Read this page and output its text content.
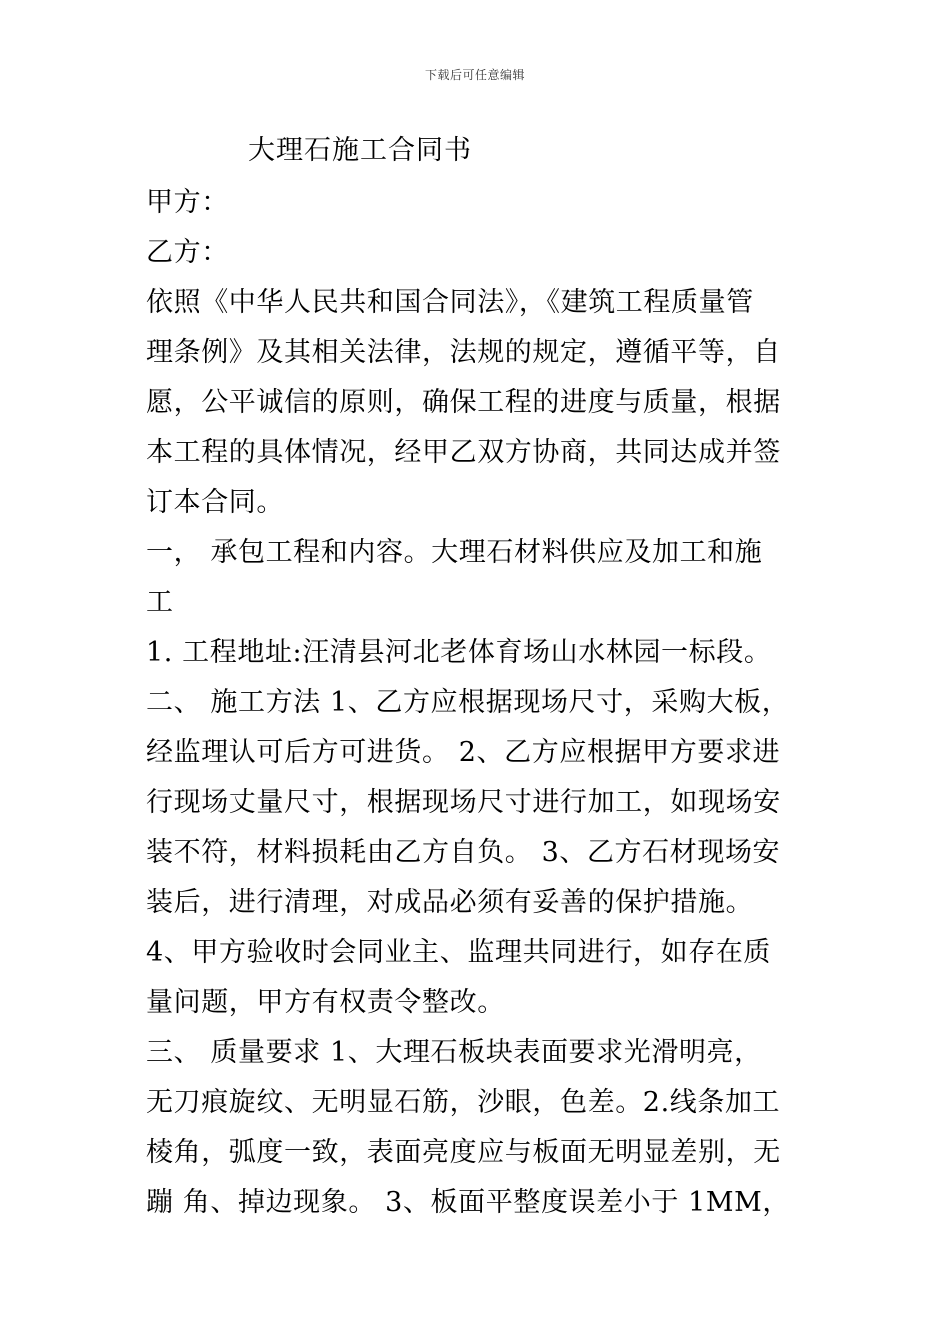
下载后可任意编辑
大理石施工合同书
甲方：
乙方：
依照《中华人民共和国合同法》，《建筑工程质量管
理条例》及其相关法律，法规的规定，遵循平等，自
愿，公平诚信的原则，确保工程的进度与质量，根据
本工程的具体情况，经甲乙双方协商，共同达成并签
订本合同。
一， 承包工程和内容。大理石材料供应及加工和施
工
1. 工程地址:汪清县河北老体育场山水林园一标段。
二、 施工方法 1、乙方应根据现场尺寸，采购大板，
经监理认可后方可进货。 2、乙方应根据甲方要求进
行现场丈量尺寸，根据现场尺寸进行加工，如现场安
装不符，材料损耗由乙方自负。 3、乙方石材现场安
装后，进行清理，对成品必须有妥善的保护措施。
4、甲方验收时会同业主、监理共同进行，如存在质
量问题，甲方有权责令整改。
三、 质量要求 1、大理石板块表面要求光滑明亮，
无刀痕旋纹、无明显石筋，沙眼，色差。2.线条加工
棱角，弧度一致，表面亮度应与板面无明显差别，无
蹦 角、掉边现象。 3、板面平整度误差小于 1MM，
